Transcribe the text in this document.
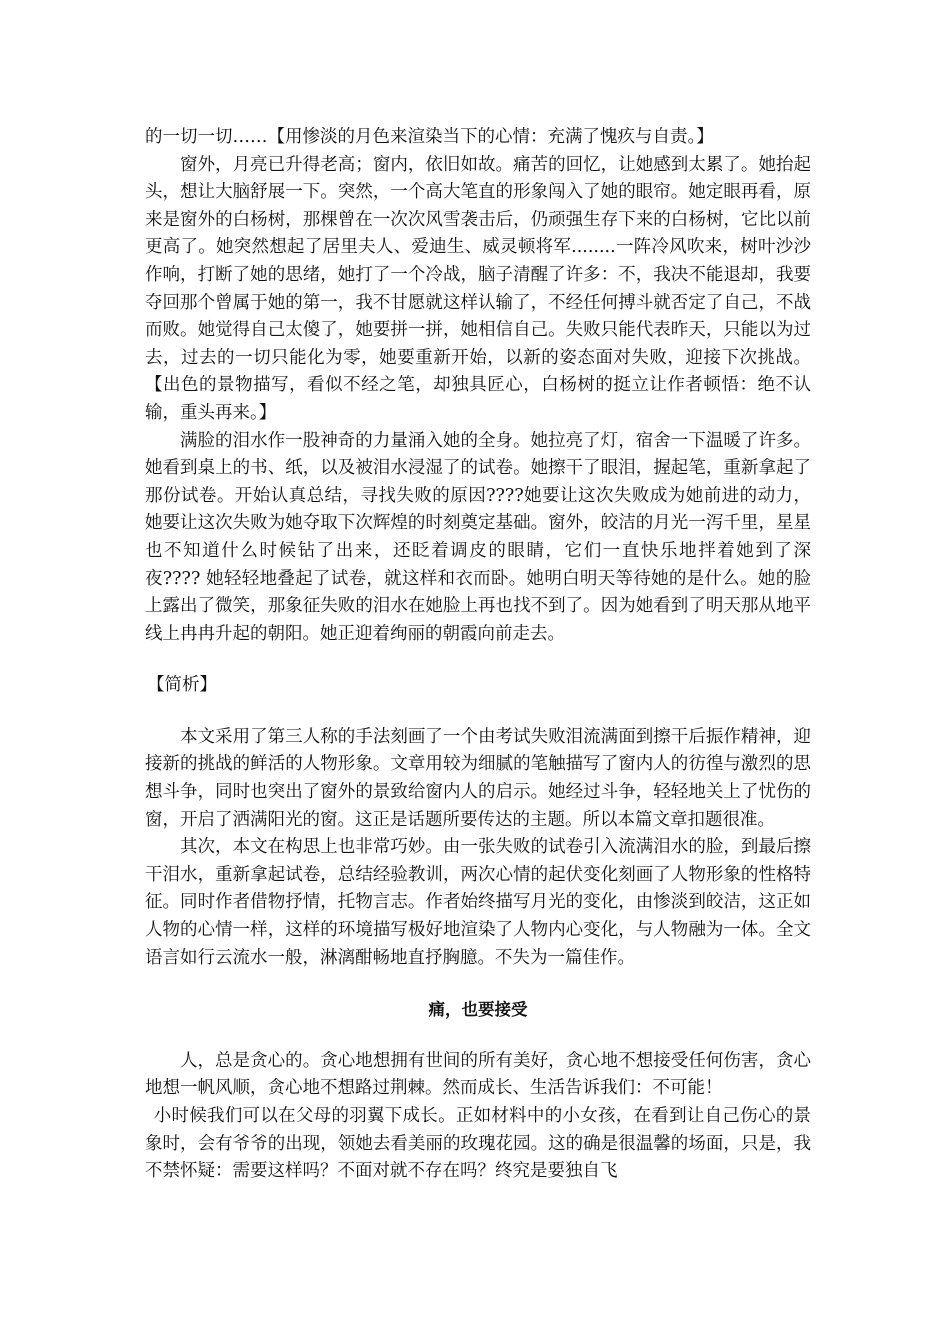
的一切一切……【用惨淡的月色来渲染当下的心情：充满了愧疚与自责。】

窗外，月亮已升得老高；窗内，依旧如故。痛苦的回忆，让她感到太累了。她抬起头，想让大脑舒展一下。突然，一个高大笔直的形象闯入了她的眼帘。她定眼再看，原来是窗外的白杨树，那棵曾在一次次风雪袭击后，仍顽强生存下来的白杨树，它比以前更高了。她突然想起了居里夫人、爱迪生、威灵顿将军........一阵冷风吹来，树叶沙沙作响，打断了她的思绪，她打了一个冷战，脑子清醒了许多：不，我决不能退却，我要夺回那个曾属于她的第一，我不甘愿就这样认输了，不经任何搏斗就否定了自己，不战而败。她觉得自己太傻了，她要拼一拼，她相信自己。失败只能代表昨天，只能以为过去，过去的一切只能化为零，她要重新开始，以新的姿态面对失败，迎接下次挑战。【出色的景物描写，看似不经之笔，却独具匠心，白杨树的挺立让作者顿悟：绝不认输，重头再来。】

满脸的泪水作一股神奇的力量涌入她的全身。她拉亮了灯，宿舍一下温暖了许多。她看到桌上的书、纸，以及被泪水浸湿了的试卷。她擦干了眼泪，握起笔，重新拿起了那份试卷。开始认真总结，寻找失败的原因????她要让这次失败成为她前进的动力，她要让这次失败为她夺取下次辉煌的时刻奠定基础。窗外，皎洁的月光一泻千里，星星也不知道什么时候钻了出来，还眨着调皮的眼睛，它们一直快乐地拌着她到了深夜???? 她轻轻地叠起了试卷，就这样和衣而卧。她明白明天等待她的是什么。她的脸上露出了微笑，那象征失败的泪水在她脸上再也找不到了。因为她看到了明天那从地平线上冉冉升起的朝阳。她正迎着绚丽的朝霞向前走去。

【简析】

本文采用了第三人称的手法刻画了一个由考试失败泪流满面到擦干后振作精神，迎接新的挑战的鲜活的人物形象。文章用较为细腻的笔触描写了窗内人的彷徨与激烈的思想斗争，同时也突出了窗外的景致给窗内人的启示。她经过斗争，轻轻地关上了忧伤的窗，开启了洒满阳光的窗。这正是话题所要传达的主题。所以本篇文章扣题很准。

其次，本文在构思上也非常巧妙。由一张失败的试卷引入流满泪水的脸，到最后擦干泪水，重新拿起试卷，总结经验教训，两次心情的起伏变化刻画了人物形象的性格特征。同时作者借物抒情，托物言志。作者始终描写月光的变化，由惨淡到皎洁，这正如人物的心情一样，这样的环境描写极好地渲染了人物内心变化，与人物融为一体。全文语言如行云流水一般，淋漓酣畅地直抒胸臆。不失为一篇佳作。

痛，也要接受

人，总是贪心的。贪心地想拥有世间的所有美好，贪心地不想接受任何伤害，贪心地想一帆风顺，贪心地不想路过荆棘。然而成长、生活告诉我们：不可能！

小时候我们可以在父母的羽翼下成长。正如材料中的小女孩，在看到让自己伤心的景象时，会有爷爷的出现，领她去看美丽的玫瑰花园。这的确是很温馨的场面，只是，我不禁怀疑：需要这样吗？不面对就不存在吗？终究是要独自飞
